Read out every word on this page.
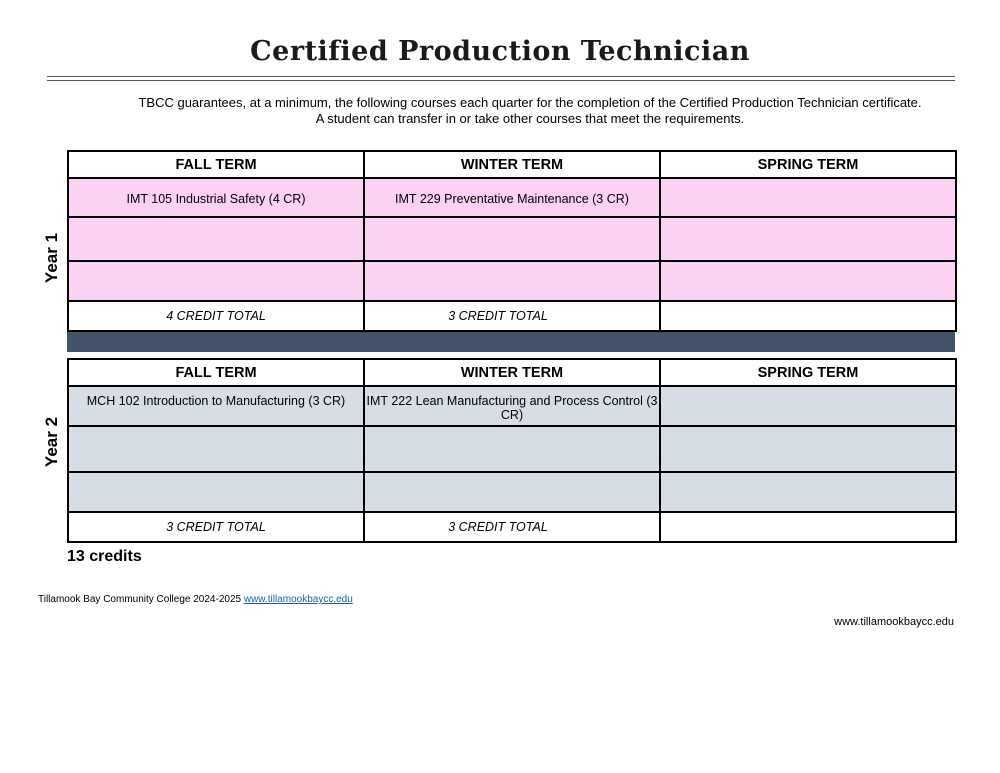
Certified Production Technician

TBCC guarantees, at a minimum, the following courses each quarter for the completion of the Certified Production Technician certificate.

A student can transfer in or take other courses that meet the requirements.

Year 1
FALL TERM	WINTER TERM	SPRING TERM

IMT 105 Industrial Safety (4 CR)	IMT 229 Preventative Maintenance (3 CR)	

4 CREDIT TOTAL	3 CREDIT TOTAL	
Year 2
FALL TERM	WINTER TERM	SPRING TERM

MCH 102 Introduction to Manufacturing (3 CR)	IMT 222 Lean Manufacturing and Process Control (3 CR)	

3 CREDIT TOTAL	3 CREDIT TOTAL	
13 credits
Tillamook Bay Community College 2024-2025 www.tillamookbaycc.edu
www.tillamookbaycc.edu
